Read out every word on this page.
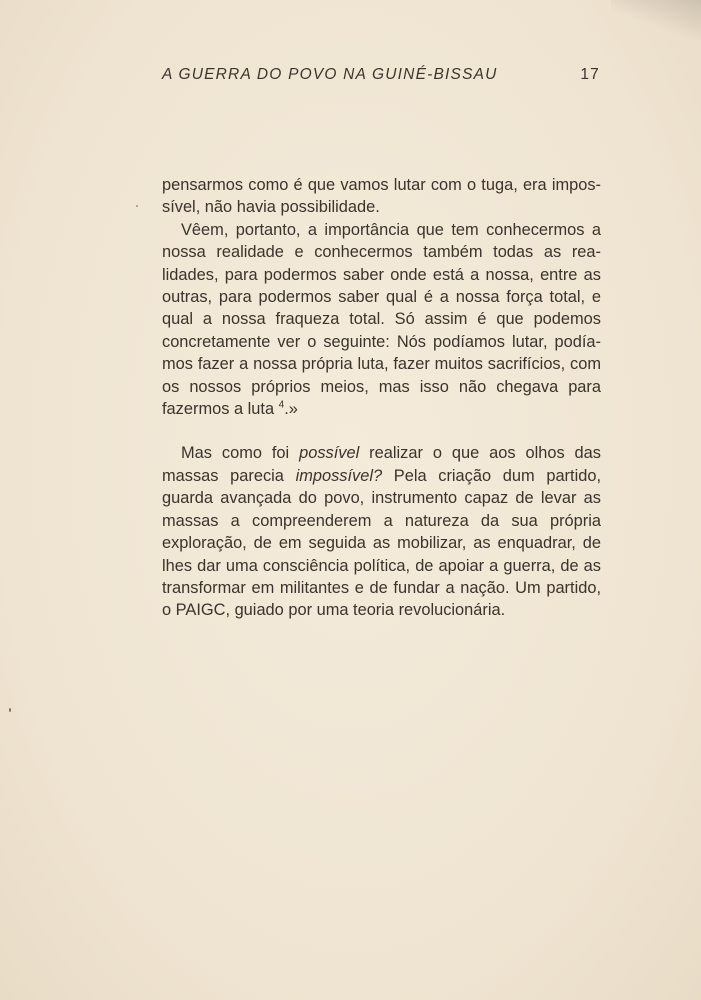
A GUERRA DO POVO NA GUINÉ-BISSAU	17

pensarmos como é que vamos lutar com o tuga, era impos-sível, não havia possibilidade.

Vêem, portanto, a importância que tem conhecermos a nossa realidade e conhecermos também todas as rea-lidades, para podermos saber onde está a nossa, entre as outras, para podermos saber qual é a nossa força total, e qual a nossa fraqueza total. Só assim é que podemos concretamente ver o seguinte: Nós podíamos lutar, podía-mos fazer a nossa própria luta, fazer muitos sacrifícios, com os nossos próprios meios, mas isso não chegava para fazermos a luta $^4$.»

Mas como foi possível realizar o que aos olhos das massas parecia impossível? Pela criação dum partido, guarda avançada do povo, instrumento capaz de levar as massas a compreenderem a natureza da sua própria exploração, de em seguida as mobilizar, as enquadrar, de lhes dar uma consciência política, de apoiar a guerra, de as transformar em militantes e de fundar a nação. Um partido, o PAIGC, guiado por uma teoria revolucionária.
